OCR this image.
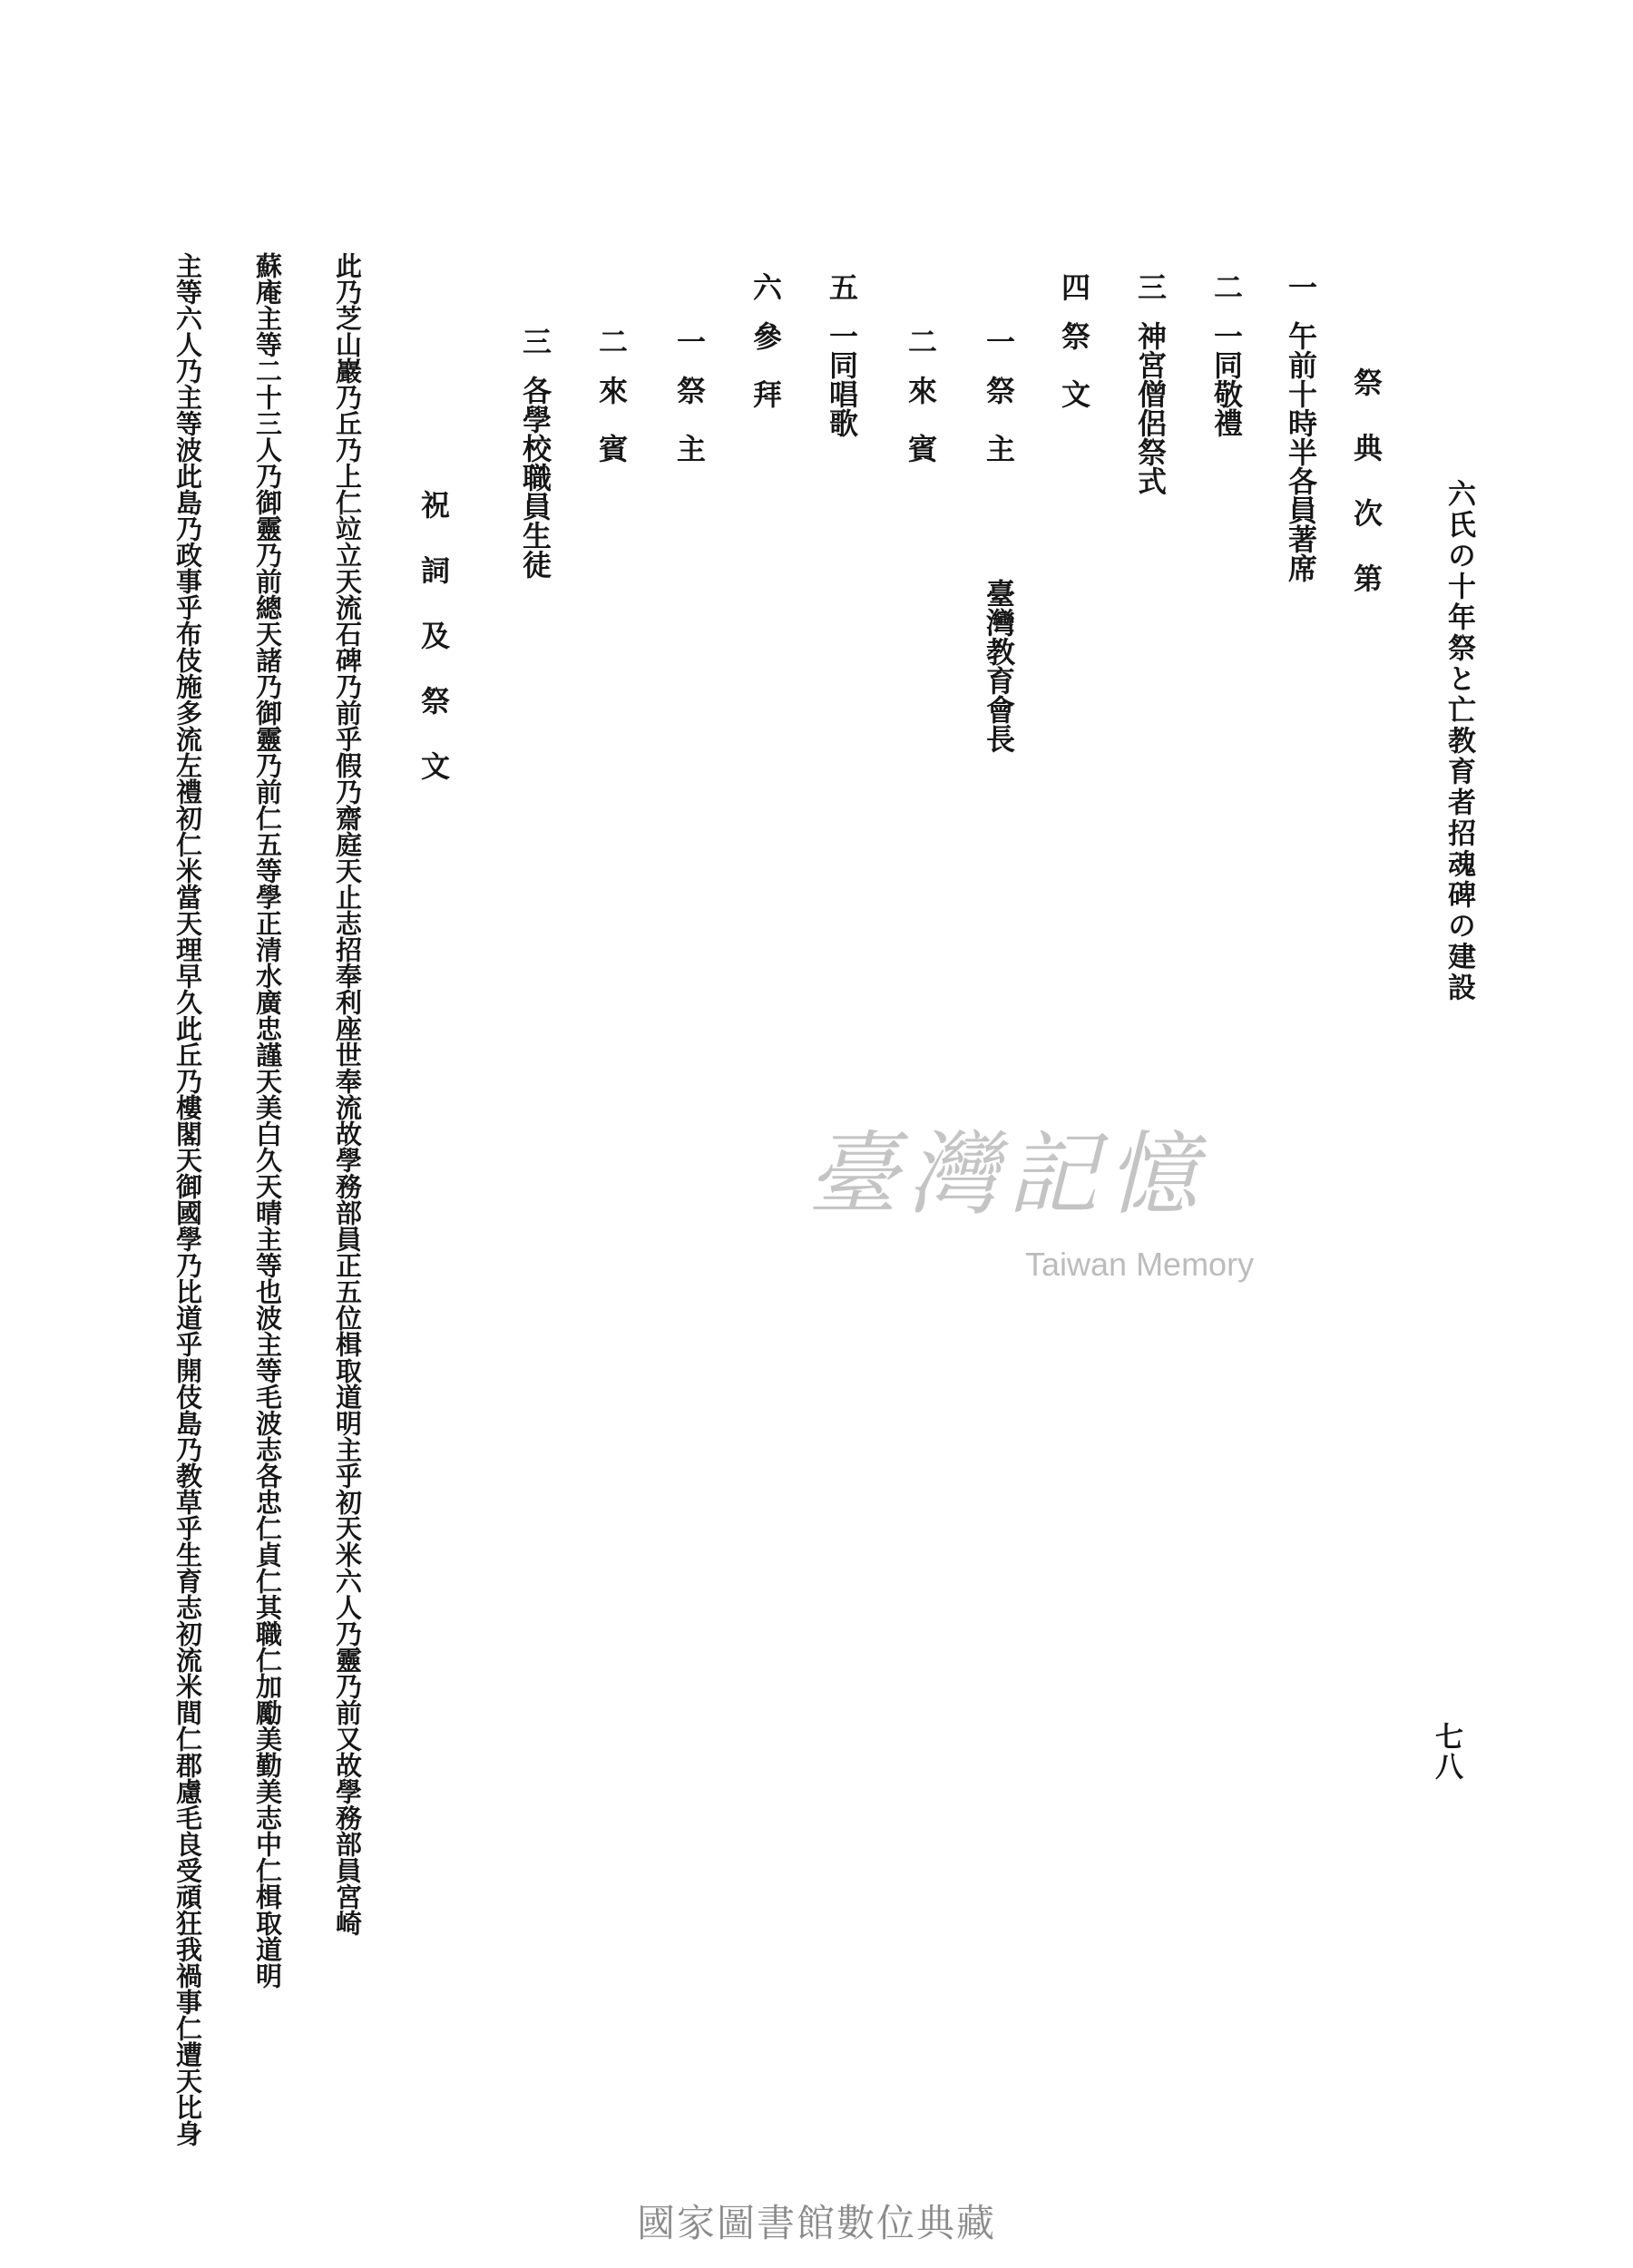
六氏の十年祭と亡教育者招魂碑の建設
七八
祭典次第
一
午前十時半各員著席
二
一同敬禮
三
神宮僧侶祭式
四
祭　文
一
祭　主　　　　臺灣教育會長
二
來　賓
五
一同唱歌
六
參　拜
一
祭　主
二
來　賓
三
各學校職員生徒
祝詞及祭文
此乃芝山巖乃丘乃上仁竝立天流石碑乃前乎假乃齋庭天止志招奉利座世奉流故學務部員正五位楫取道明主乎初天米六人乃靈乃前又故學務部員宮崎
蘇庵主等二十三人乃御靈乃前總天諸乃御靈乃前仁五等學正清水廣忠謹天美白久天晴主等也波主等毛波志各忠仁貞仁其職仁加勵美勤美志中仁楫取道明
主等六人乃主等波此島乃政事乎布伎施多流左禮初仁米當天理早久此丘乃樓閣天御國學乃比道乎開伎島乃教草乎生育志初流米間仁郡慮毛良受頑狂我禍事仁遭天比身	臺灣記憶
Taiwan Memory
國家圖書館數位典藏
